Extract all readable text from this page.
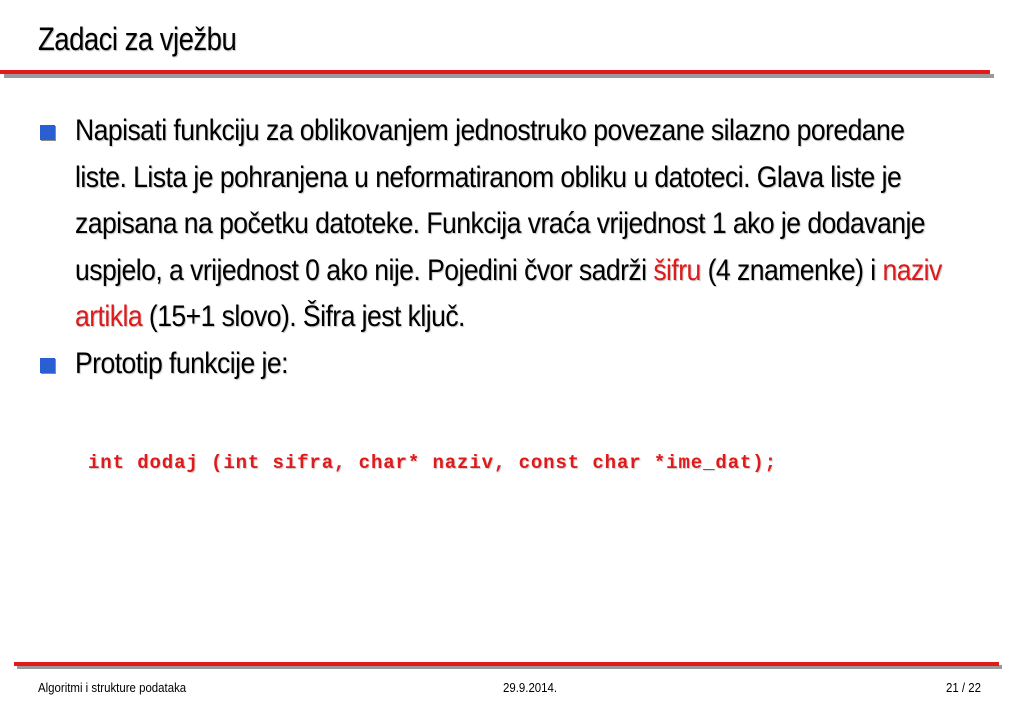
Zadaci za vježbu
Napisati funkciju za oblikovanjem jednostruko povezane silazno poredane liste. Lista je pohranjena u neformatiranom obliku u datoteci. Glava liste je zapisana na početku datoteke. Funkcija vraća vrijednost 1 ako je dodavanje uspjelo, a vrijednost 0 ako nije. Pojedini čvor sadrži šifru (4 znamenke) i naziv artikla (15+1 slovo). Šifra jest ključ.
Prototip funkcije je:
int dodaj (int sifra, char* naziv, const char *ime_dat);
Algoritmi i strukture podataka	29.9.2014.	21 / 22
